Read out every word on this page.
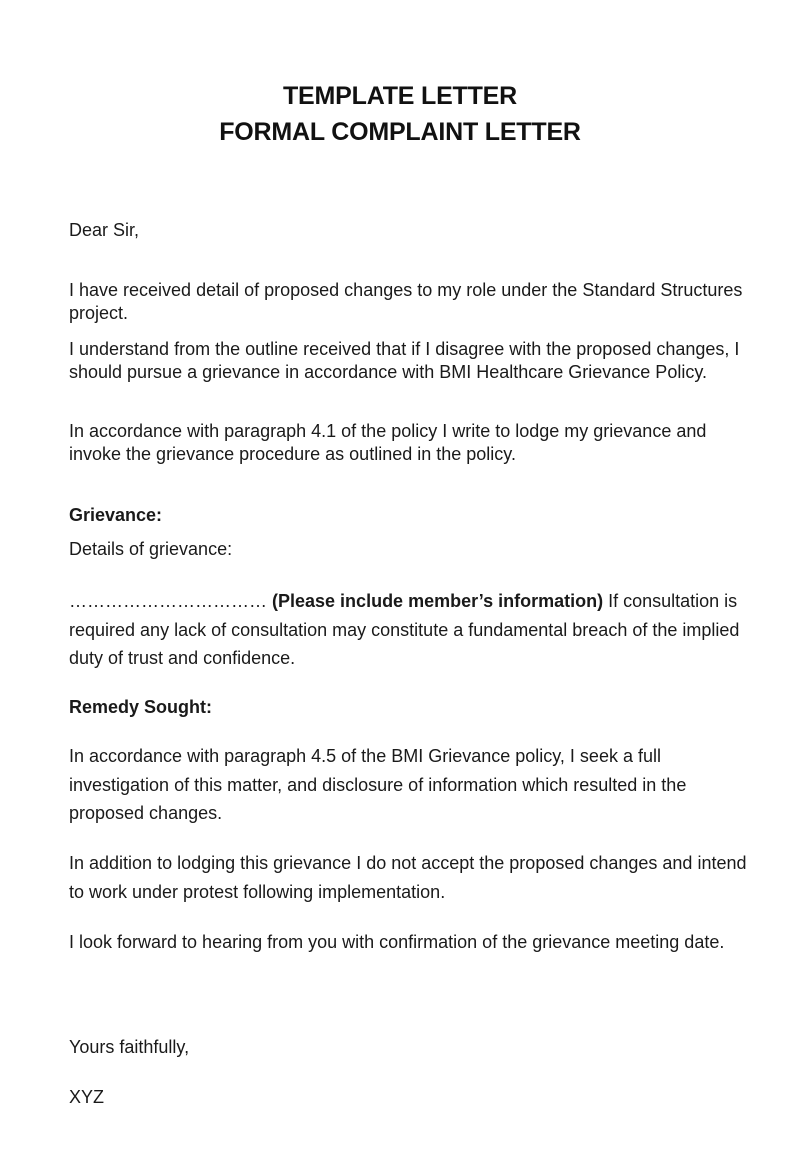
TEMPLATE LETTER
FORMAL COMPLAINT LETTER
Dear Sir,
I have received detail of proposed changes to my role under the Standard Structures project.
I understand from the outline received that if I disagree with the proposed changes, I should pursue a grievance in accordance with BMI Healthcare Grievance Policy.
In accordance with paragraph 4.1 of the policy I write to lodge my grievance and invoke the grievance procedure as outlined in the policy.
Grievance:
Details of grievance:
…………………………… (Please include member’s information) If consultation is required any lack of consultation may constitute a fundamental breach of the implied duty of trust and confidence.
Remedy Sought:
In accordance with paragraph 4.5 of the BMI Grievance policy, I seek a full investigation of this matter, and disclosure of information which resulted in the proposed changes.
In addition to lodging this grievance I do not accept the proposed changes and intend to work under protest following implementation.
I look forward to hearing from you with confirmation of the grievance meeting date.
Yours faithfully,
XYZ
